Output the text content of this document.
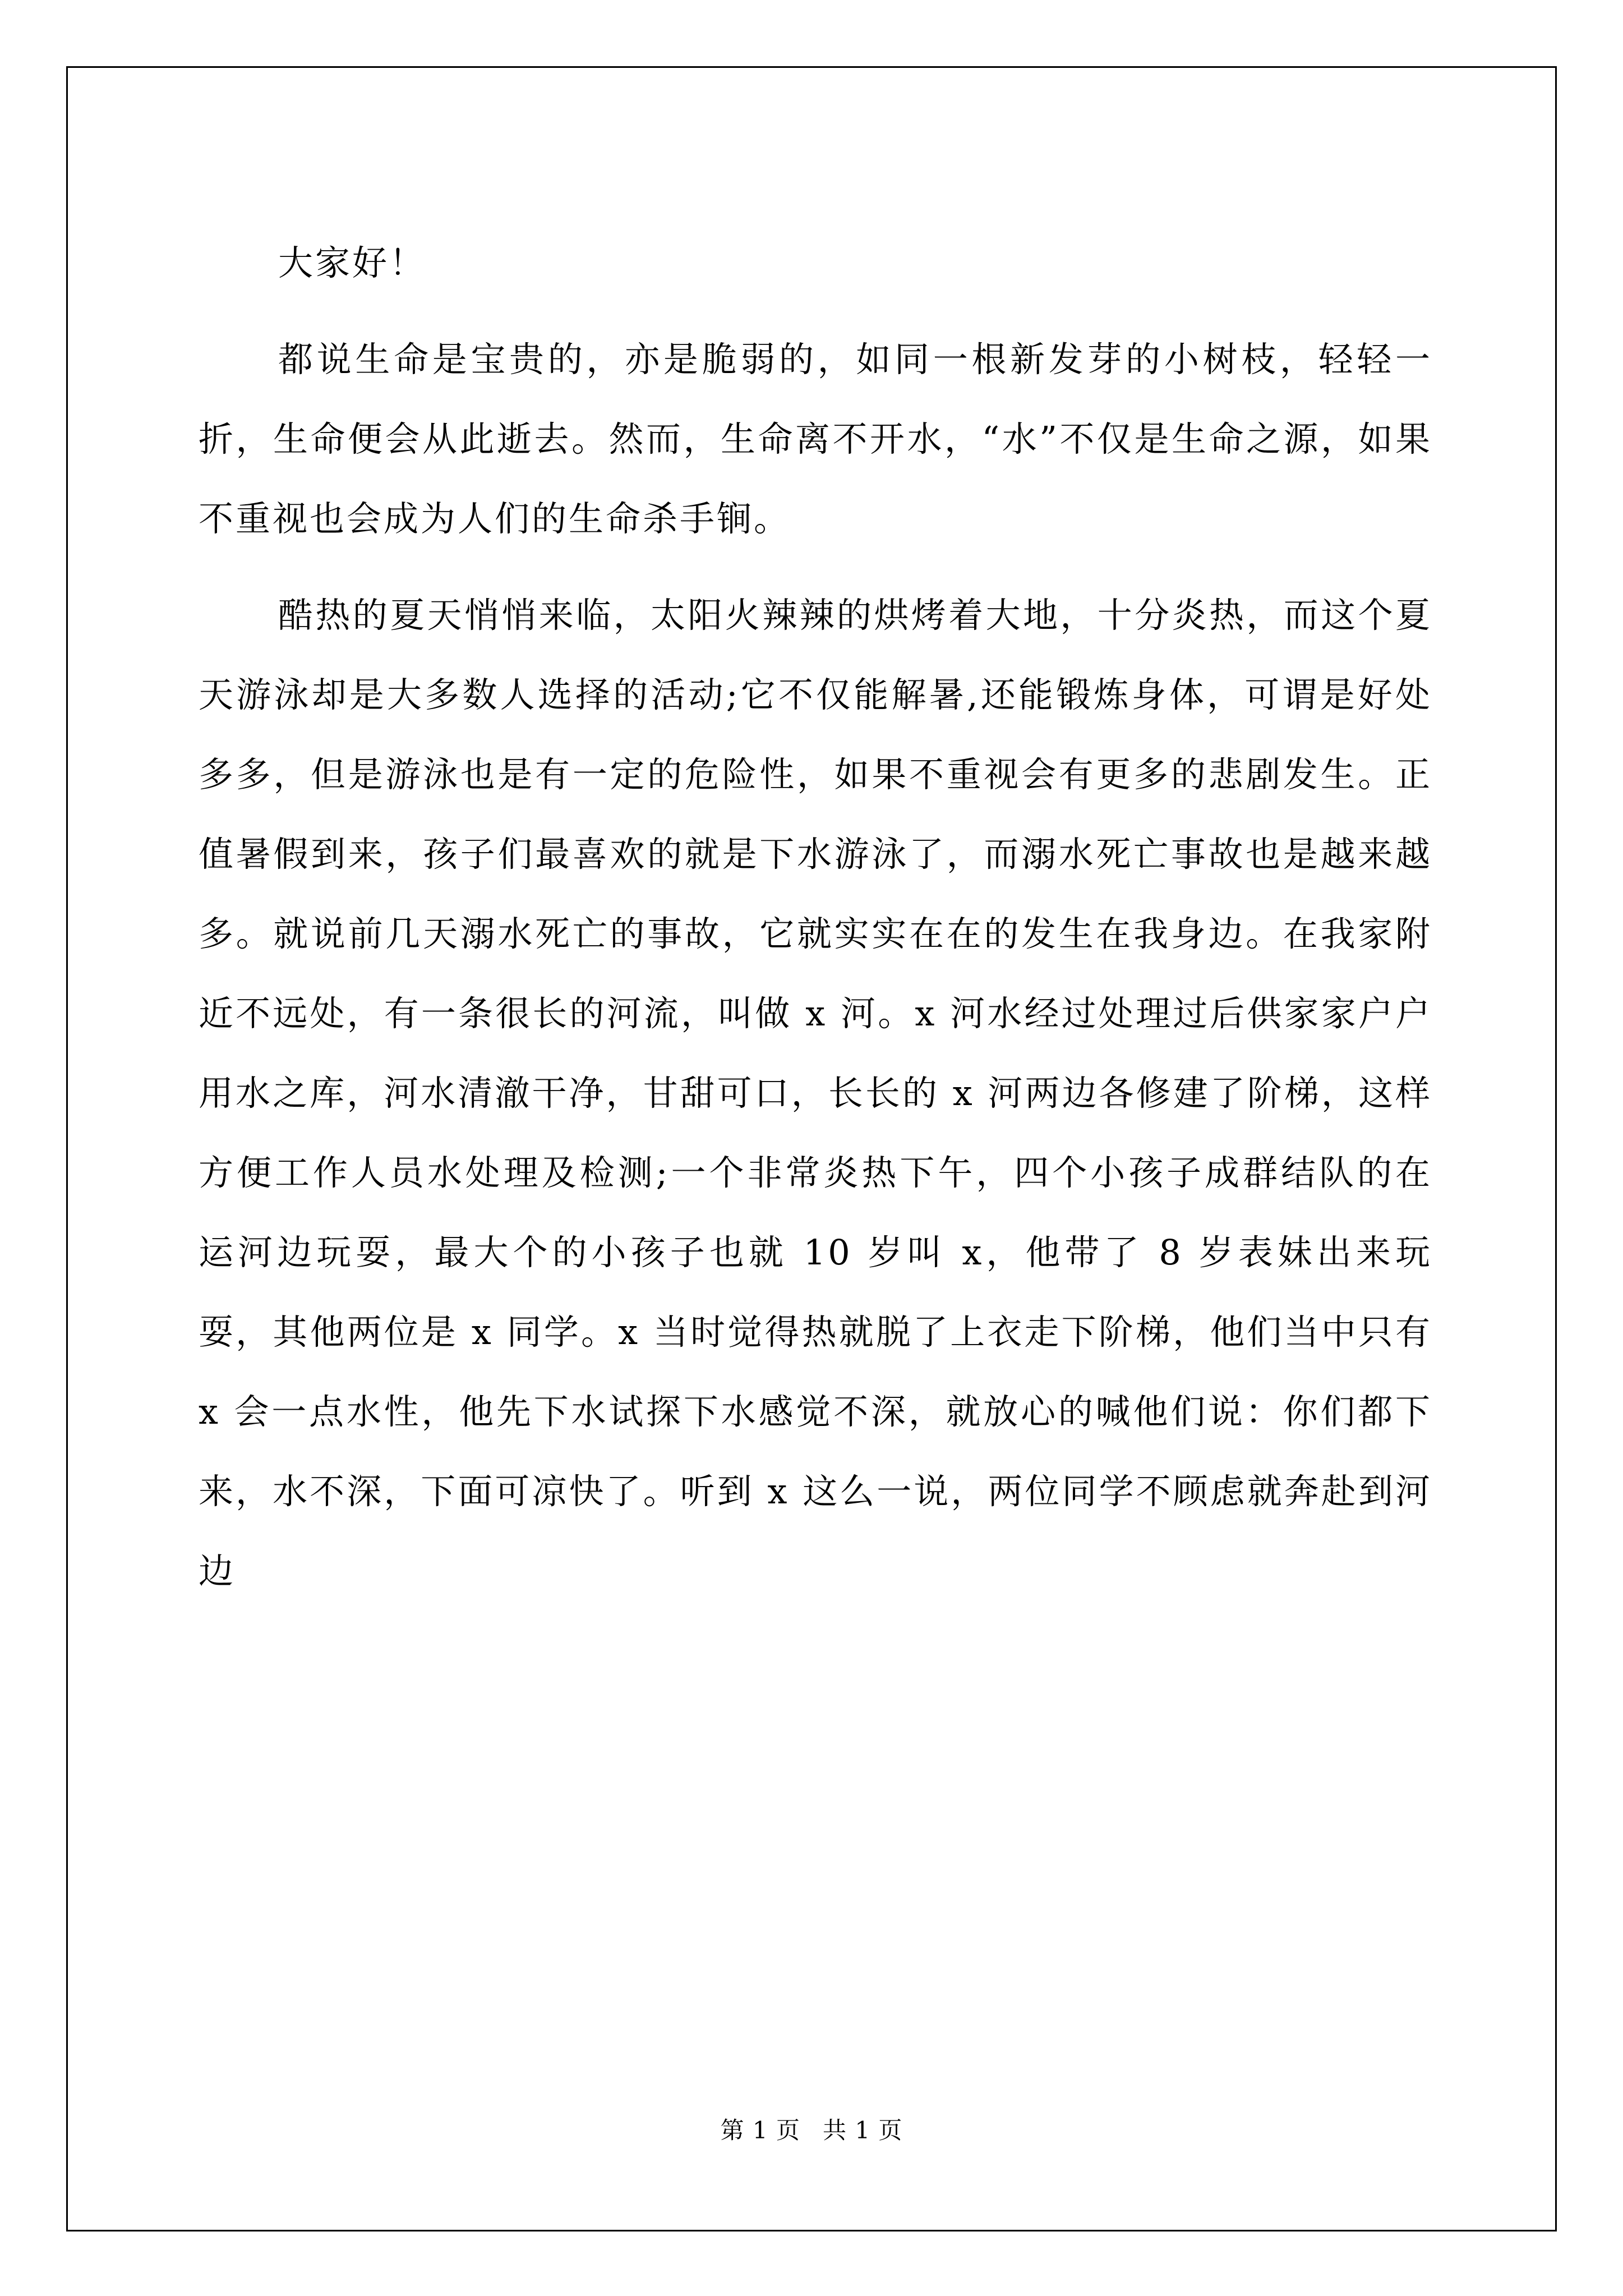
大家好！

都说生命是宝贵的，亦是脆弱的，如同一根新发芽的小树枝，轻轻一折，生命便会从此逝去。然而，生命离不开水，“水”不仅是生命之源，如果不重视也会成为人们的生命杀手锏。

酷热的夏天悄悄来临，太阳火辣辣的烘烤着大地，十分炎热，而这个夏天游泳却是大多数人选择的活动;它不仅能解暑,还能锻炼身体，可谓是好处多多，但是游泳也是有一定的危险性，如果不重视会有更多的悲剧发生。正值暑假到来，孩子们最喜欢的就是下水游泳了，而溺水死亡事故也是越来越多。就说前几天溺水死亡的事故，它就实实在在的发生在我身边。在我家附近不远处，有一条很长的河流，叫做 x 河。x 河水经过处理过后供家家户户用水之库，河水清澈干净，甘甜可口，长长的 x 河两边各修建了阶梯，这样方便工作人员水处理及检测;一个非常炎热下午，四个小孩子成群结队的在运河边玩耍，最大个的小孩子也就 10 岁叫 x，他带了 8 岁表妹出来玩耍，其他两位是 x 同学。x 当时觉得热就脱了上衣走下阶梯，他们当中只有 x 会一点水性，他先下水试探下水感觉不深，就放心的喊他们说：你们都下来，水不深，下面可凉快了。听到 x 这么一说，两位同学不顾虑就奔赴到河边

第 1 页 共 1 页
